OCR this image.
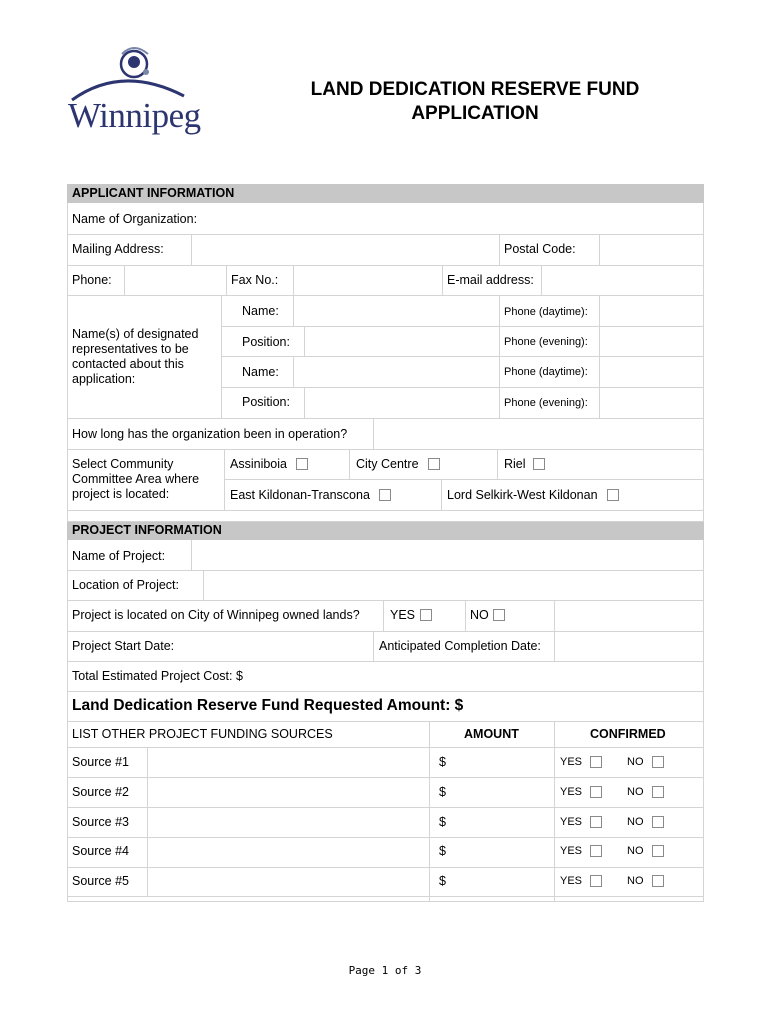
Winnipeg
LAND DEDICATION RESERVE FUND
APPLICATION
APPLICANT INFORMATION
Name of Organization:
Mailing Address:	Postal Code:
Phone:	Fax No.:	E-mail address:
Name(s) of designated representatives to be contacted about this application:
Name:	Phone (daytime):
Position:	Phone (evening):
Name:	Phone (daytime):
Position:	Phone (evening):
How long has the organization been in operation?
Select Community Committee Area where project is located:
Assiniboia	City Centre	Riel
East Kildonan-Transcona	Lord Selkirk-West Kildonan
PROJECT INFORMATION
Name of Project:
Location of Project:
Project is located on City of Winnipeg owned lands? YES	NO
Project Start Date:	Anticipated Completion Date:
Total Estimated Project Cost: $
Land Dedication Reserve Fund Requested Amount: $
LIST OTHER PROJECT FUNDING SOURCES	AMOUNT	CONFIRMED
Source #1	$	YES	NO
Source #2	$	YES	NO
Source #3	$	YES	NO
Source #4	$	YES	NO
Source #5	$	YES	NO
Page 1 of 3
